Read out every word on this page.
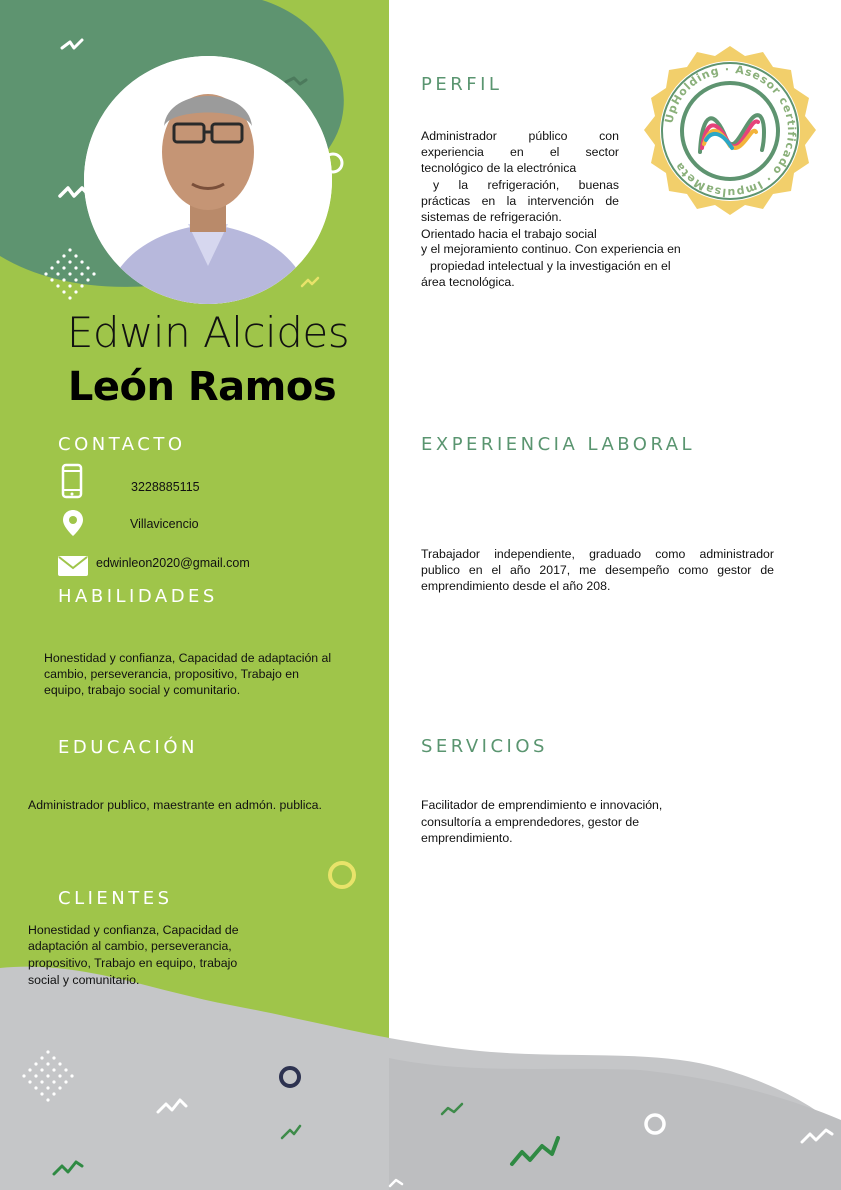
Edwin Alcides
León Ramos
UpHolding · Asesor certificado · ImpulsaMeta
PERFIL
Administrador público con
experiencia en el sector
tecnológico de la electrónica
y la refrigeración, buenas
prácticas en la intervención de
sistemas de refrigeración.
Orientado hacia el trabajo social
y el mejoramiento continuo. Con experiencia en
propiedad intelectual y la investigación en el
área tecnológica.
CONTACTO
3228885115
Villavicencio
edwinleon2020@gmail.com
HABILIDADES
Honestidad y confianza, Capacidad de adaptación al
cambio, perseverancia, propositivo, Trabajo en
equipo, trabajo social y comunitario.
EDUCACIÓN
Administrador publico, maestrante en admón. publica.
CLIENTES
Honestidad y confianza, Capacidad de
adaptación al cambio, perseverancia,
propositivo, Trabajo en equipo, trabajo
social y comunitario.
EXPERIENCIA LABORAL
Trabajador independiente, graduado como administrador
publico en el año 2017, me desempeño como gestor de
emprendimiento desde el año 208.
SERVICIOS
Facilitador de emprendimiento e innovación,
consultoría a emprendedores, gestor de
emprendimiento.
